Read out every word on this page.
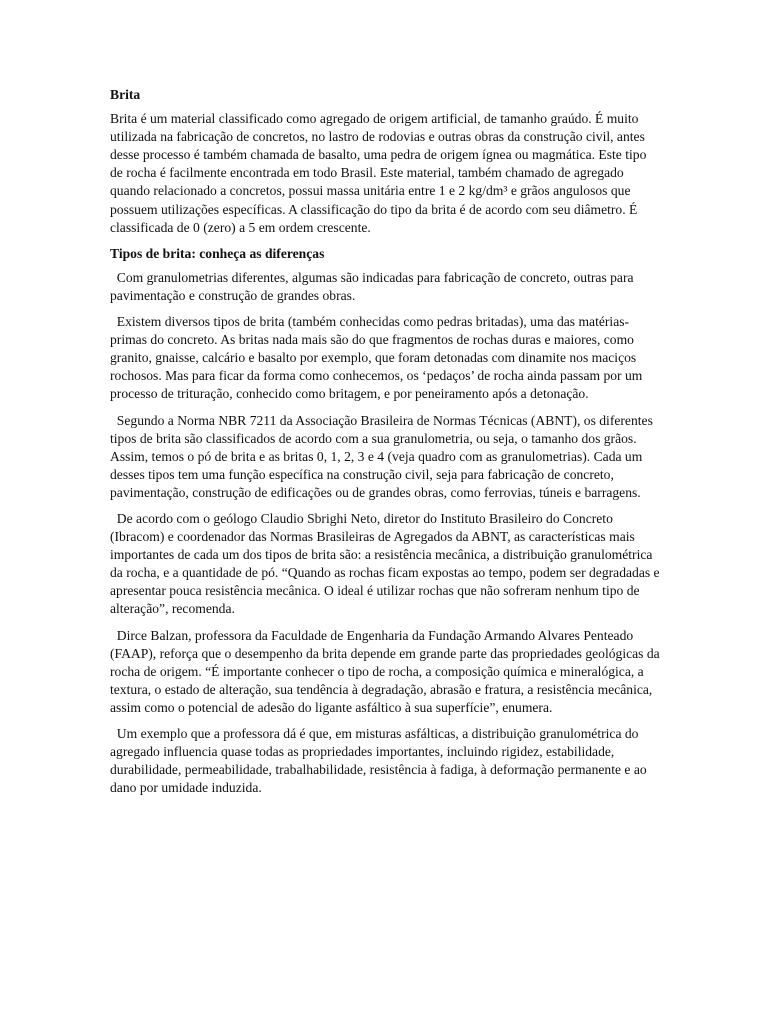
Brita

Brita é um material classificado como agregado de origem artificial, de tamanho graúdo. É muito utilizada na fabricação de concretos, no lastro de rodovias e outras obras da construção civil, antes desse processo é também chamada de basalto, uma pedra de origem ígnea ou magmática. Este tipo de rocha é facilmente encontrada em todo Brasil. Este material, também chamado de agregado quando relacionado a concretos, possui massa unitária entre 1 e 2 kg/dm³ e grãos angulosos que possuem utilizações específicas. A classificação do tipo da brita é de acordo com seu diâmetro. É classificada de 0 (zero) a 5 em ordem crescente.

Tipos de brita: conheça as diferenças

Com granulometrias diferentes, algumas são indicadas para fabricação de concreto, outras para pavimentação e construção de grandes obras.

Existem diversos tipos de brita (também conhecidas como pedras britadas), uma das matérias-primas do concreto. As britas nada mais são do que fragmentos de rochas duras e maiores, como granito, gnaisse, calcário e basalto por exemplo, que foram detonadas com dinamite nos maciços rochosos. Mas para ficar da forma como conhecemos, os ‘pedaços’ de rocha ainda passam por um processo de trituração, conhecido como britagem, e por peneiramento após a detonação.

Segundo a Norma NBR 7211 da Associação Brasileira de Normas Técnicas (ABNT), os diferentes tipos de brita são classificados de acordo com a sua granulometria, ou seja, o tamanho dos grãos. Assim, temos o pó de brita e as britas 0, 1, 2, 3 e 4 (veja quadro com as granulometrias). Cada um desses tipos tem uma função específica na construção civil, seja para fabricação de concreto, pavimentação, construção de edificações ou de grandes obras, como ferrovias, túneis e barragens.

De acordo com o geólogo Claudio Sbrighi Neto, diretor do Instituto Brasileiro do Concreto (Ibracom) e coordenador das Normas Brasileiras de Agregados da ABNT, as características mais importantes de cada um dos tipos de brita são: a resistência mecânica, a distribuição granulométrica da rocha, e a quantidade de pó. “Quando as rochas ficam expostas ao tempo, podem ser degradadas e apresentar pouca resistência mecânica. O ideal é utilizar rochas que não sofreram nenhum tipo de alteração”, recomenda.

Dirce Balzan, professora da Faculdade de Engenharia da Fundação Armando Alvares Penteado (FAAP), reforça que o desempenho da brita depende em grande parte das propriedades geológicas da rocha de origem. “É importante conhecer o tipo de rocha, a composição química e mineralógica, a textura, o estado de alteração, sua tendência à degradação, abrasão e fratura, a resistência mecânica, assim como o potencial de adesão do ligante asfáltico à sua superfície”, enumera.

Um exemplo que a professora dá é que, em misturas asfálticas, a distribuição granulométrica do agregado influencia quase todas as propriedades importantes, incluindo rigidez, estabilidade, durabilidade, permeabilidade, trabalhabilidade, resistência à fadiga, à deformação permanente e ao dano por umidade induzida.
